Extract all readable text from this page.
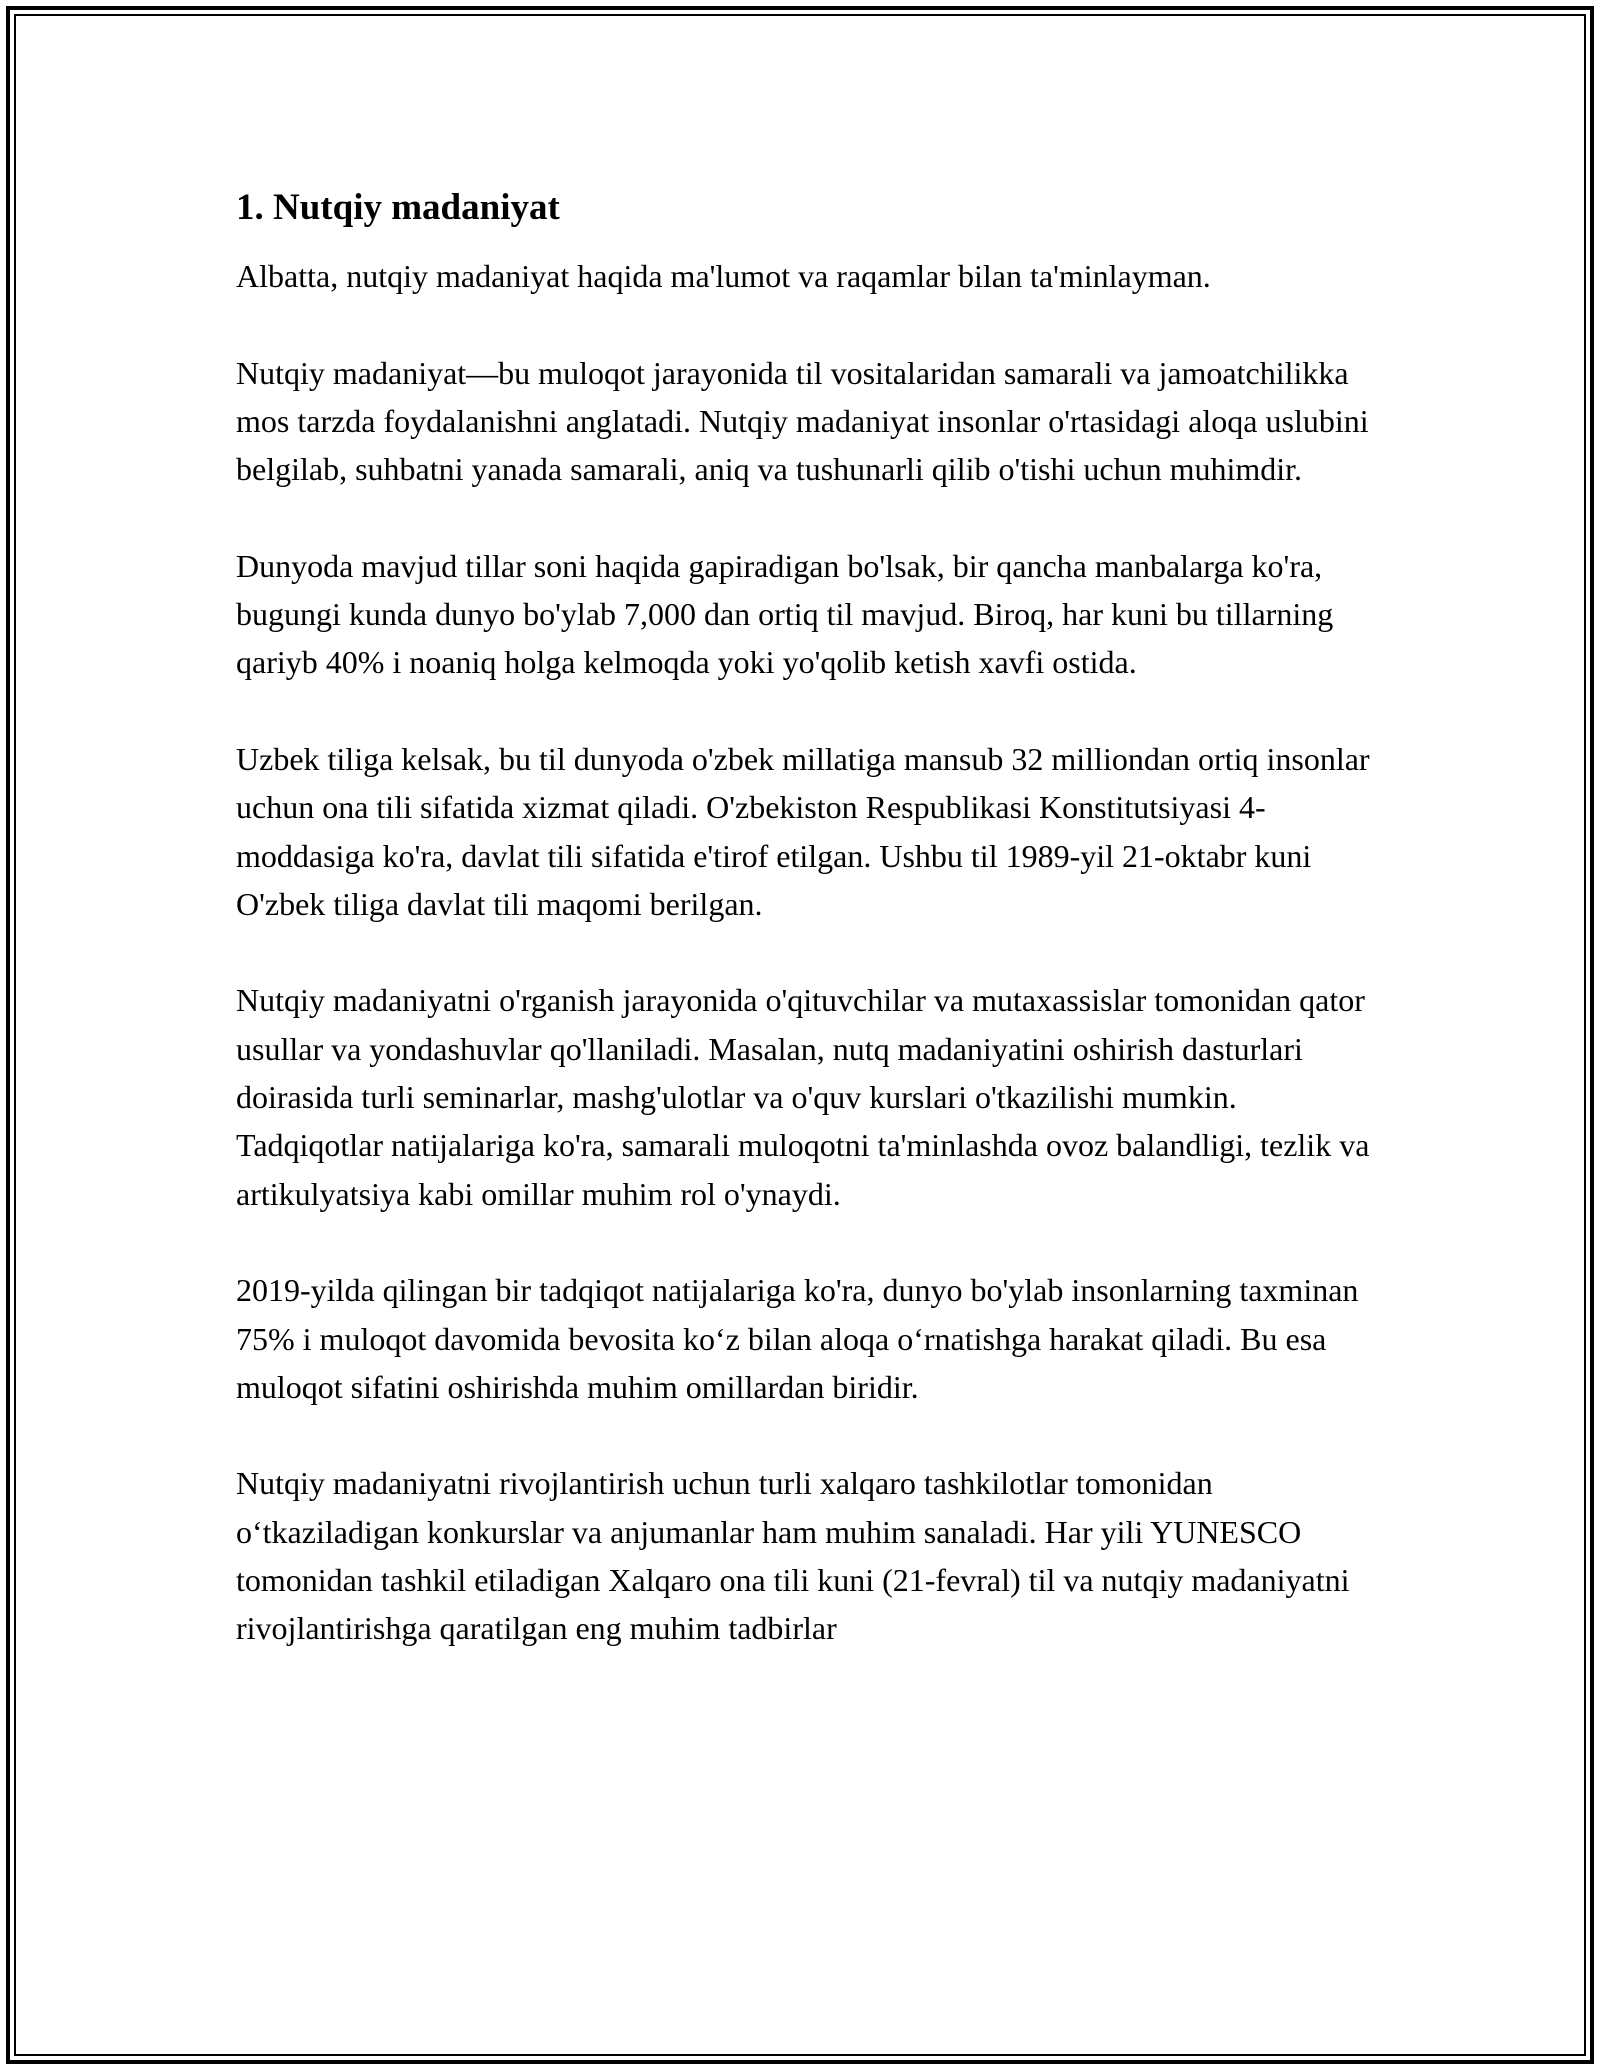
1. Nutqiy madaniyat

Albatta, nutqiy madaniyat haqida ma'lumot va raqamlar bilan ta'minlayman.

Nutqiy madaniyat—bu muloqot jarayonida til vositalaridan samarali va jamoatchilikka mos tarzda foydalanishni anglatadi. Nutqiy madaniyat insonlar o'rtasidagi aloqa uslubini belgilab, suhbatni yanada samarali, aniq va tushunarli qilib o'tishi uchun muhimdir.

Dunyoda mavjud tillar soni haqida gapiradigan bo'lsak, bir qancha manbalarga ko'ra, bugungi kunda dunyo bo'ylab 7,000 dan ortiq til mavjud. Biroq, har kuni bu tillarning qariyb 40% i noaniq holga kelmoqda yoki yo'qolib ketish xavfi ostida.

Uzbek tiliga kelsak, bu til dunyoda o'zbek millatiga mansub 32 milliondan ortiq insonlar uchun ona tili sifatida xizmat qiladi. O'zbekiston Respublikasi Konstitutsiyasi 4-moddasiga ko'ra, davlat tili sifatida e'tirof etilgan. Ushbu til 1989-yil 21-oktabr kuni O'zbek tiliga davlat tili maqomi berilgan.

Nutqiy madaniyatni o'rganish jarayonida o'qituvchilar va mutaxassislar tomonidan qator usullar va yondashuvlar qo'llaniladi. Masalan, nutq madaniyatini oshirish dasturlari doirasida turli seminarlar, mashg'ulotlar va o'quv kurslari o'tkazilishi mumkin. Tadqiqotlar natijalariga ko'ra, samarali muloqotni ta'minlashda ovoz balandligi, tezlik va artikulyatsiya kabi omillar muhim rol o'ynaydi.

2019-yilda qilingan bir tadqiqot natijalariga ko'ra, dunyo bo'ylab insonlarning taxminan 75% i muloqot davomida bevosita ko‘z bilan aloqa o‘rnatishga harakat qiladi. Bu esa muloqot sifatini oshirishda muhim omillardan biridir.

Nutqiy madaniyatni rivojlantirish uchun turli xalqaro tashkilotlar tomonidan o‘tkaziladigan konkurslar va anjumanlar ham muhim sanaladi. Har yili YUNESCO tomonidan tashkil etiladigan Xalqaro ona tili kuni (21-fevral) til va nutqiy madaniyatni rivojlantirishga qaratilgan eng muhim tadbirlar
